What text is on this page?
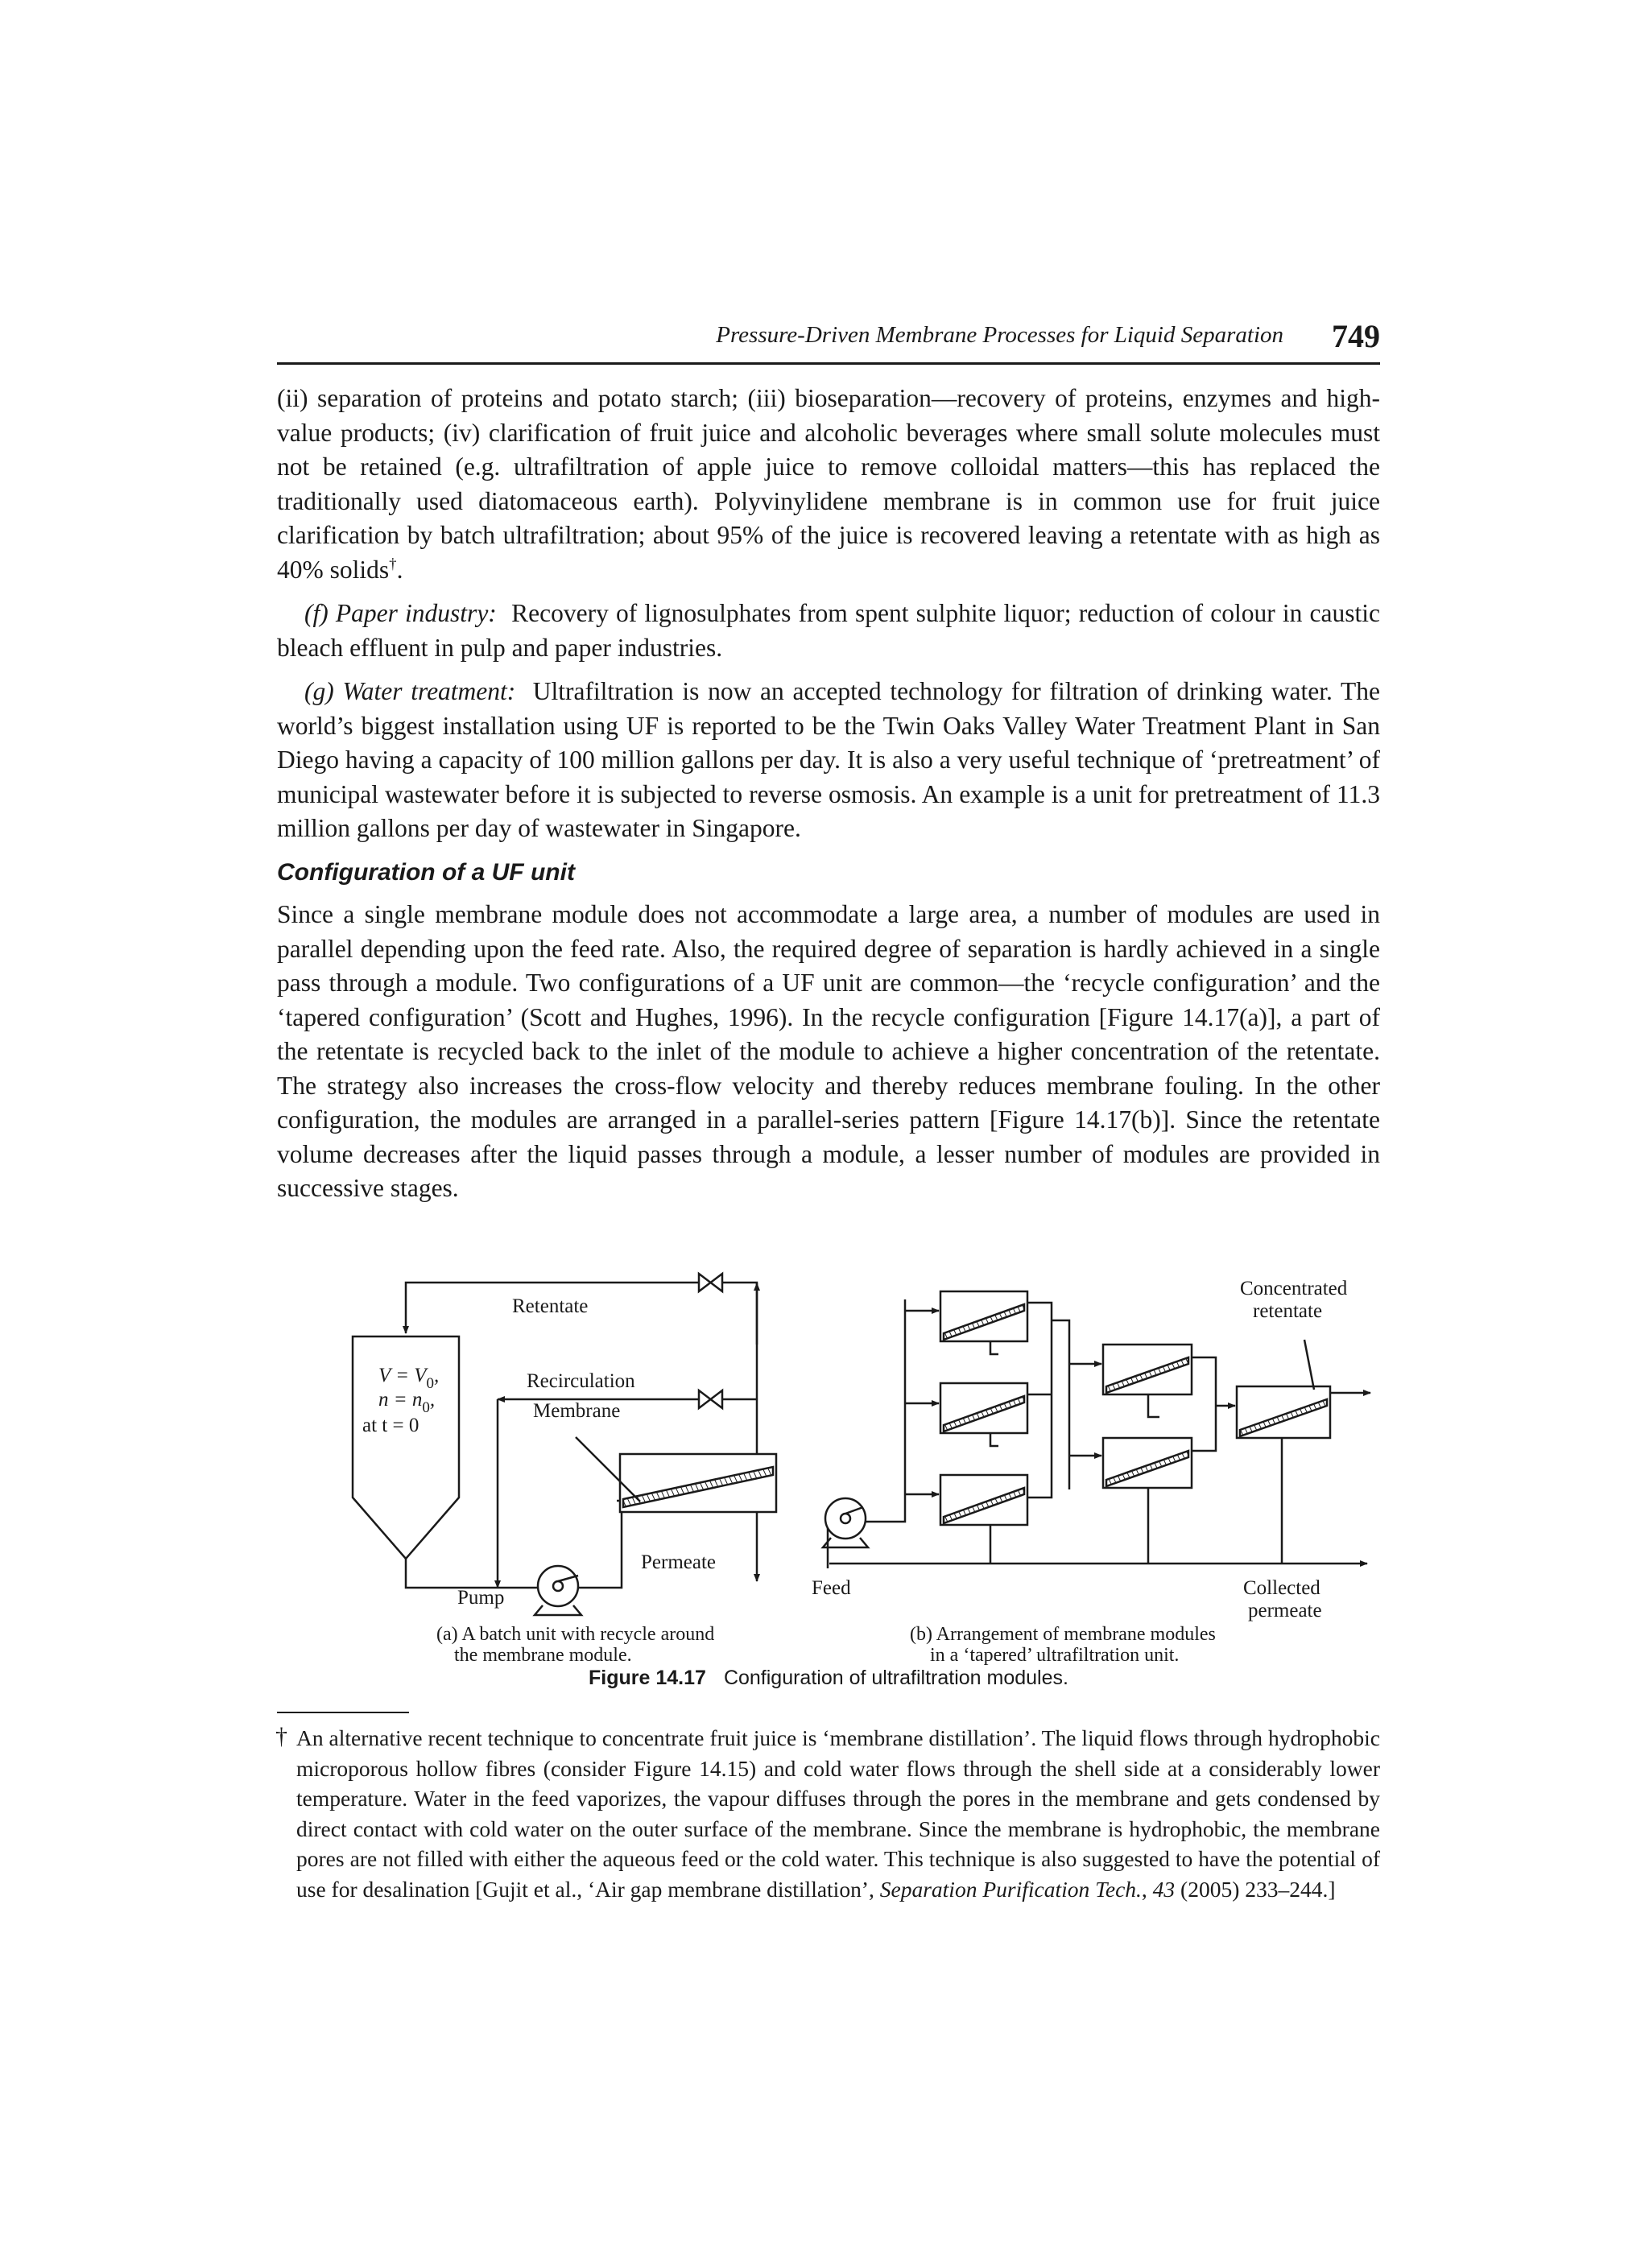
Pressure-Driven Membrane Processes for Liquid Separation 749

(ii) separation of proteins and potato starch; (iii) bioseparation—recovery of proteins, enzymes and high-value products; (iv) clarification of fruit juice and alcoholic beverages where small solute molecules must not be retained (e.g. ultrafiltration of apple juice to remove colloidal matters—this has replaced the traditionally used diatomaceous earth). Polyvinylidene membrane is in common use for fruit juice clarification by batch ultrafiltration; about 95% of the juice is recovered leaving a retentate with as high as 40% solids†.

(f) Paper industry: Recovery of lignosulphates from spent sulphite liquor; reduction of colour in caustic bleach effluent in pulp and paper industries.

(g) Water treatment: Ultrafiltration is now an accepted technology for filtration of drinking water. The world’s biggest installation using UF is reported to be the Twin Oaks Valley Water Treatment Plant in San Diego having a capacity of 100 million gallons per day. It is also a very useful technique of ‘pretreatment’ of municipal wastewater before it is subjected to reverse osmosis. An example is a unit for pretreatment of 11.3 million gallons per day of wastewater in Singapore.

Configuration of a UF unit

Since a single membrane module does not accommodate a large area, a number of modules are used in parallel depending upon the feed rate. Also, the required degree of separation is hardly achieved in a single pass through a module. Two configurations of a UF unit are common—the ‘recycle configuration’ and the ‘tapered configuration’ (Scott and Hughes, 1996). In the recycle configuration [Figure 14.17(a)], a part of the retentate is recycled back to the inlet of the module to achieve a higher concentration of the retentate. The strategy also increases the cross-flow velocity and thereby reduces membrane fouling. In the other configuration, the modules are arranged in a parallel-series pattern [Figure 14.17(b)]. Since the retentate volume decreases after the liquid passes through a module, a lesser number of modules are provided in successive stages.

Retentate
Recirculation
Membrane
Permeate
Pump
$V = V_0$,
$n = n_0$,
at t = 0
(a) A batch unit with recycle around
the membrane module.
Concentrated
retentate
Collected
permeate
Feed
(b) Arrangement of membrane modules
in a ‘tapered’ ultrafiltration unit.
Figure 14.17 Configuration of ultrafiltration modules.
† An alternative recent technique to concentrate fruit juice is ‘membrane distillation’. The liquid flows through hydrophobic microporous hollow fibres (consider Figure 14.15) and cold water flows through the shell side at a considerably lower temperature. Water in the feed vaporizes, the vapour diffuses through the pores in the membrane and gets condensed by direct contact with cold water on the outer surface of the membrane. Since the membrane is hydrophobic, the membrane pores are not filled with either the aqueous feed or the cold water. This technique is also suggested to have the potential of use for desalination [Gujit et al., ‘Air gap membrane distillation’, Separation Purification Tech., 43 (2005) 233–244.]
